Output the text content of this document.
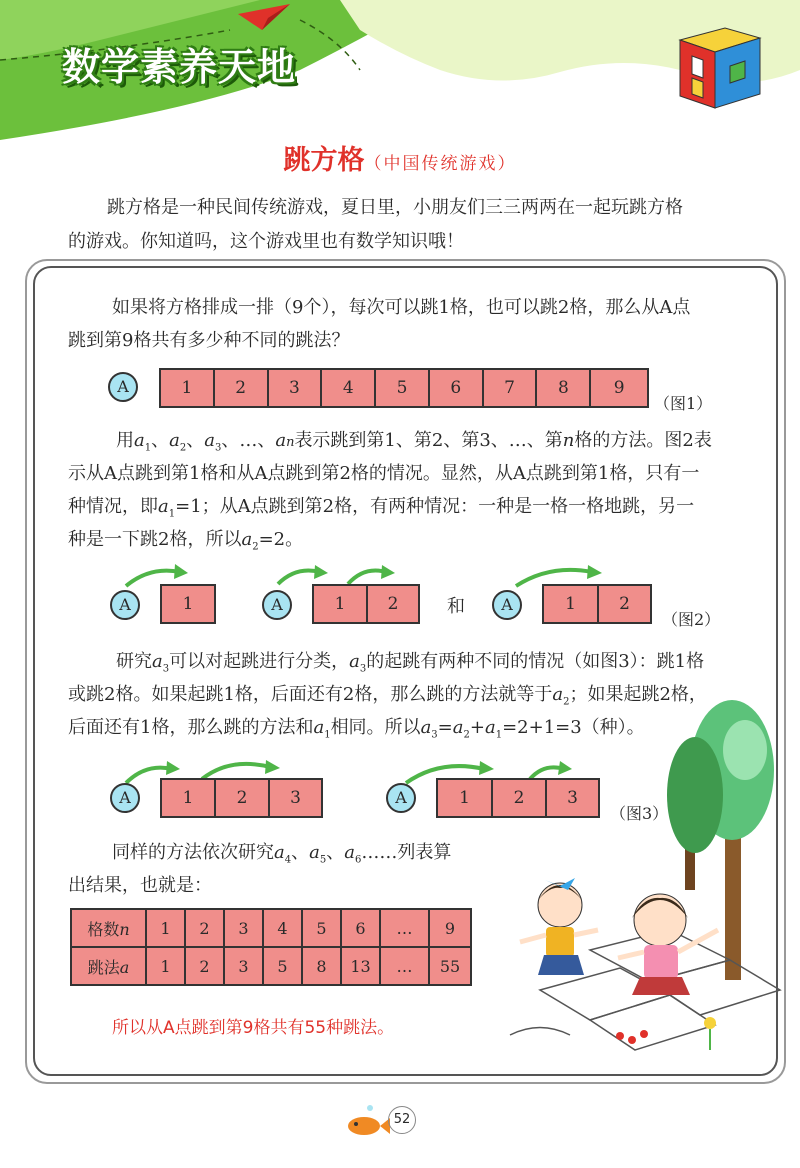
数学素养天地
跳方格（中国传统游戏）
跳方格是一种民间传统游戏，夏日里，小朋友们三三两两在一起玩跳方格
的游戏。你知道吗，这个游戏里也有数学知识哦！
如果将方格排成一排（9个），每次可以跳1格，也可以跳2格，那么从A点
跳到第9格共有多少种不同的跳法？
A	1	2	3	4	5	6	7	8	9
（图1）
用$a_1$、$a_2$、$a_3$、…、an表示跳到第1、第2、第3、…、第n格的方法。图2表
示从A点跳到第1格和从A点跳到第2格的情况。显然，从A点跳到第1格，只有一
种情况，即$a_1=1$；从A点跳到第2格，有两种情况：一种是一格一格地跳，另一
种是一下跳2格，所以$a_2=2$。
A	1	A	1	2	和	A	1	2
（图2）
研究$a_3$可以对起跳进行分类，$a_3$的起跳有两种不同的情况（如图3）：跳1格
或跳2格。如果起跳1格，后面还有2格，那么跳的方法就等于$a_2$；如果起跳2格，
后面还有1格，那么跳的方法和$a_1$相同。所以$a_3=a_2+a_1=2+1=3$（种）。
A	1	2	3	A	1	2	3
（图3）
同样的方法依次研究$a_4$、$a_5$、$a_6\dots\dots$列表算
出结果，也就是：
格数n	1	2	3	4	5	6	…	9
跳法a	1	2	3	5	8	13	…	55
所以从A点跳到第9格共有55种跳法。
52
